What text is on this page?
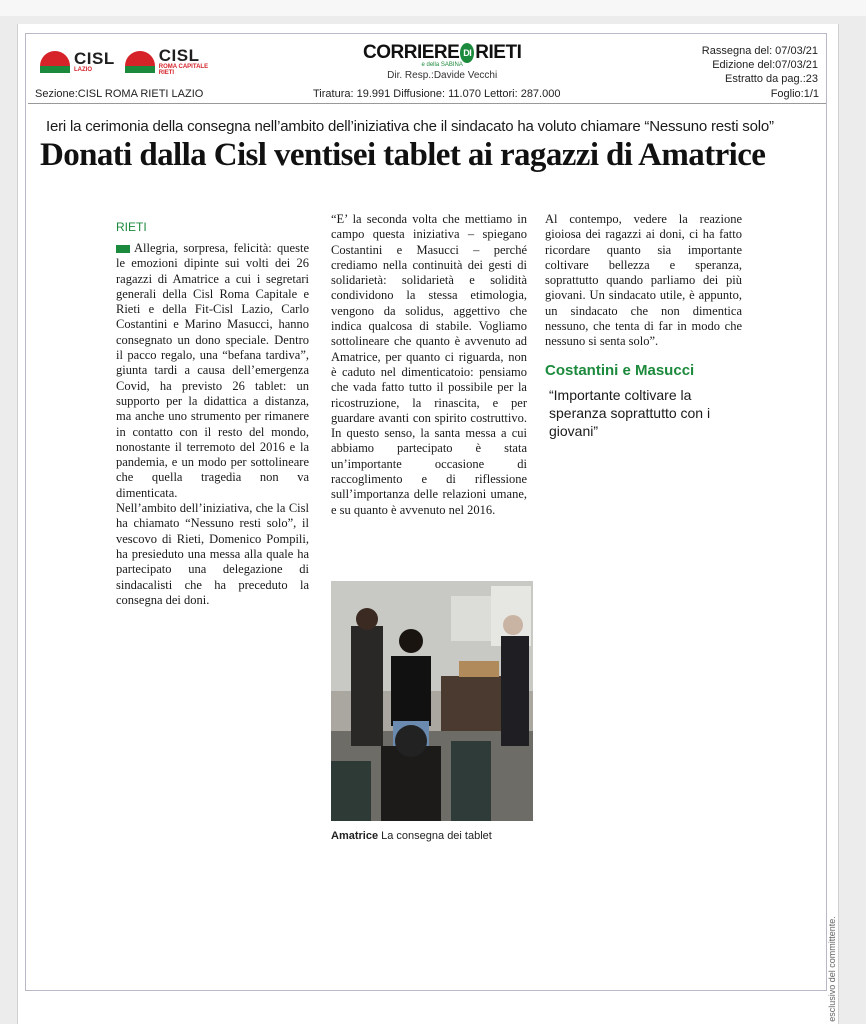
CISL
LAZIO
CISL
ROMA CAPITALE
RIETI
CORRIERE DI RIETI
e della SABINA
Dir. Resp.:Davide Vecchi
Rassegna del: 07/03/21
Edizione del:07/03/21
Estratto da pag.:23
Sezione:CISL ROMA RIETI LAZIO	Tiratura: 19.991 Diffusione: 11.070 Lettori: 287.000	Foglio:1/1
Ieri la cerimonia della consegna nell’ambito dell’iniziativa che il sindacato ha voluto chiamare “Nessuno resti solo”
Donati dalla Cisl ventisei tablet ai ragazzi di Amatrice
RIETI

Allegria, sorpresa, felicità: queste le emozioni dipinte sui volti dei 26 ragazzi di Amatrice a cui i segretari generali della Cisl Roma Capitale e Rieti e della Fit-Cisl Lazio, Carlo Costantini e Marino Masucci, hanno consegnato un dono speciale. Dentro il pacco regalo, una “befana tardiva”, giunta tardi a causa dell’emergenza Covid, ha previsto 26 tablet: un supporto per la didattica a distanza, ma anche uno strumento per rimanere in contatto con il resto del mondo, nonostante il terremoto del 2016 e la pandemia, e un modo per sottolineare che quella tragedia non va dimenticata.

Nell’ambito dell’iniziativa, che la Cisl ha chiamato “Nessuno resti solo”, il vescovo di Rieti, Domenico Pompili, ha presieduto una messa alla quale ha partecipato una delegazione di sindacalisti che ha preceduto la consegna dei doni.

“E’ la seconda volta che mettiamo in campo questa iniziativa – spiegano Costantini e Masucci – perché crediamo nella continuità dei gesti di solidarietà: solidarietà e solidità condividono la stessa etimologia, vengono da solidus, aggettivo che indica qualcosa di stabile. Vogliamo sottolineare che quanto è avvenuto ad Amatrice, per quanto ci riguarda, non è caduto nel dimenticatoio: pensiamo che vada fatto tutto il possibile per la ricostruzione, la rinascita, e per guardare avanti con spirito costruttivo. In questo senso, la santa messa a cui abbiamo partecipato è stata un’importante occasione di raccoglimento e di riflessione sull’importanza delle relazioni umane, e su quanto è avvenuto nel 2016.

Al contempo, vedere la reazione gioiosa dei ragazzi ai doni, ci ha fatto ricordare quanto sia importante coltivare bellezza e speranza, soprattutto quando parliamo dei più giovani. Un sindacato utile, è appunto, un sindacato che non dimentica nessuno, che tenta di far in modo che nessuno si senta solo”.

Costantini e Masucci
“Importante coltivare la speranza soprattutto con i giovani”
Amatrice La consegna dei tablet
esclusivo del committente.
